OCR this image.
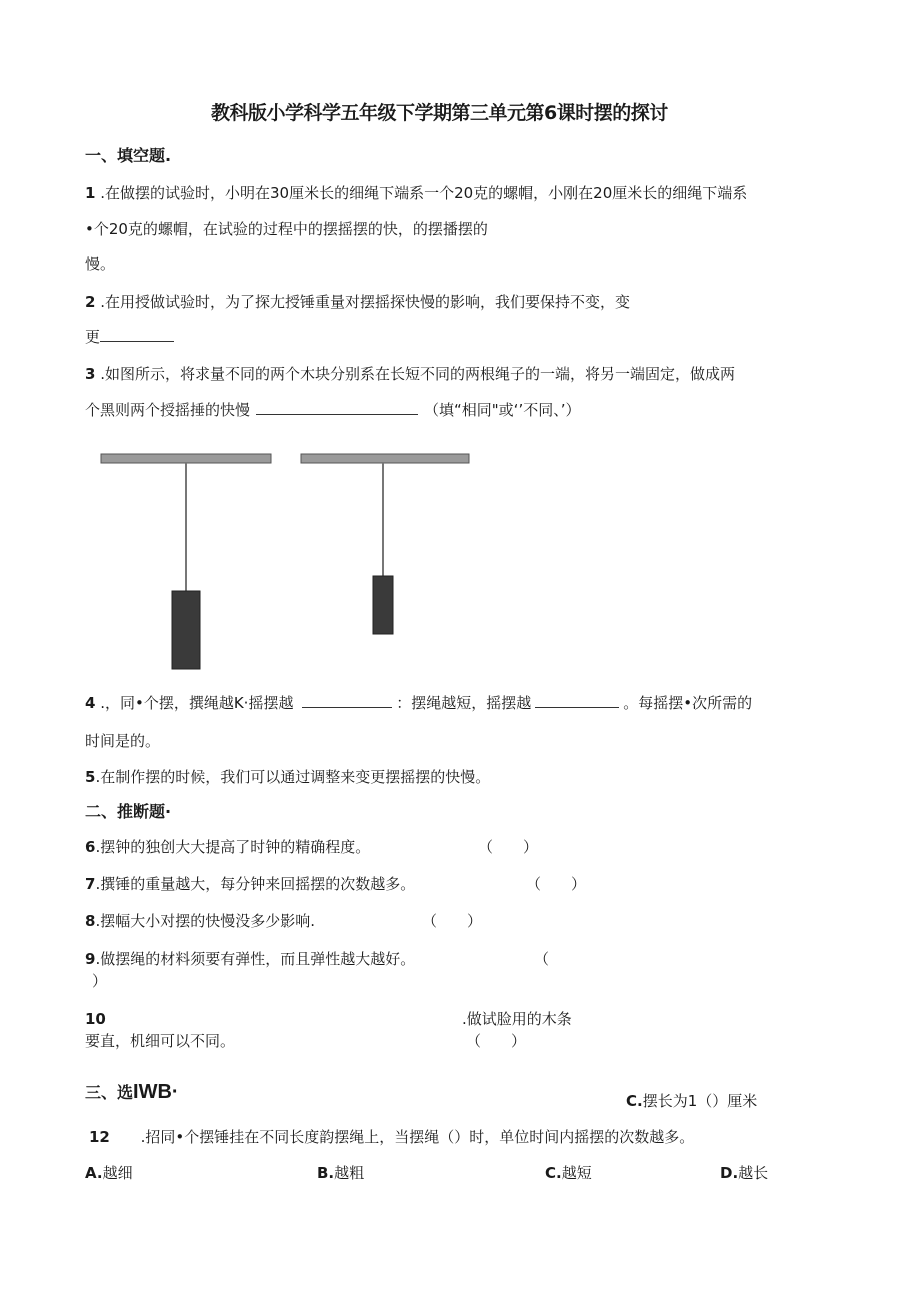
教科版小学科学五年级下学期第三单元第6课时摆的探讨
一、填空题.
1 .在做摆的试验时，小明在30厘米长的细绳下端系一个20克的螺帽，小刚在20厘米长的细绳下端系
•个20克的螺帽，在试验的过程中的摆摇摆的快，的摆播摆的
慢。
2 .在用授做试验时，为了探尢授锤重量对摆摇探快慢的影响，我们要保持不变，变
更
3 .如图所示，将求量不同的两个木块分别系在长短不同的两根绳子的一端，将另一端固定，做成两
个黑则两个授摇捶的快慢	（填“相同"或‘’不同、’）
4 .，同•个摆，撰绳越K·摇摆越	：摆绳越短，摇摆越	。每摇摆•次所需的
时间是的。
5.在制作摆的时候，我们可以通过调整来变更摆摇摆的快慢。
二、推断题·
6.摆钟的独创大大提高了时钟的精确程度。	（　　）
7.撰锤的重量越大，每分钟来回摇摆的次数越多。	（　　）
8.摆幅大小对摆的快慢没多少影响.	（　　）
9.做摆绳的材料须要有弹性，而且弹性越大越好。	（
）
10	.做试脸用的木条
要直，机细可以不同。	（　　）
三、选IWB·	C.摆长为1（）厘米
12 .招同•个摆锤挂在不同长度韵摆绳上，当摆绳（）时，单位时间内摇摆的次数越多。
A.越细	B.越粗	C.越短	D.越长
